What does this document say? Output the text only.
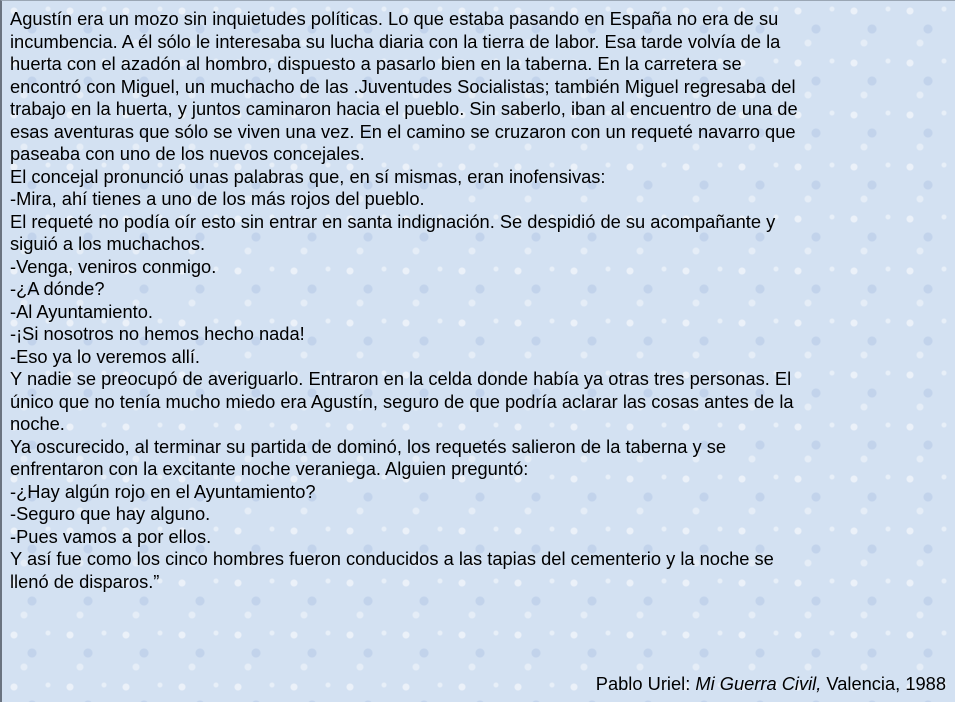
Agustín era un mozo sin inquietudes políticas. Lo que estaba pasando en España no era de su
incumbencia. A él sólo le interesaba su lucha diaria con la tierra de labor. Esa tarde volvía de la
huerta con el azadón al hombro, dispuesto a pasarlo bien en la taberna. En la carretera se
encontró con Miguel, un muchacho de las .Juventudes Socialistas; también Miguel regresaba del
trabajo en la huerta, y juntos caminaron hacia el pueblo. Sin saberlo, iban al encuentro de una de
esas aventuras que sólo se viven una vez. En el camino se cruzaron con un requeté navarro que
paseaba con uno de los nuevos concejales.
El concejal pronunció unas palabras que, en sí mismas, eran inofensivas:
-Mira, ahí tienes a uno de los más rojos del pueblo.
El requeté no podía oír esto sin entrar en santa indignación. Se despidió de su acompañante y
siguió a los muchachos.
-Venga, veniros conmigo.
-¿A dónde?
-Al Ayuntamiento.
-¡Si nosotros no hemos hecho nada!
-Eso ya lo veremos allí.
Y nadie se preocupó de averiguarlo. Entraron en la celda donde había ya otras tres personas. El
único que no tenía mucho miedo era Agustín, seguro de que podría aclarar las cosas antes de la
noche.
Ya oscurecido, al terminar su partida de dominó, los requetés salieron de la taberna y se
enfrentaron con la excitante noche veraniega. Alguien preguntó:
-¿Hay algún rojo en el Ayuntamiento?
-Seguro que hay alguno.
-Pues vamos a por ellos.
Y así fue como los cinco hombres fueron conducidos a las tapias del cementerio y la noche se
llenó de disparos.”
Pablo Uriel: Mi Guerra Civil, Valencia, 1988
